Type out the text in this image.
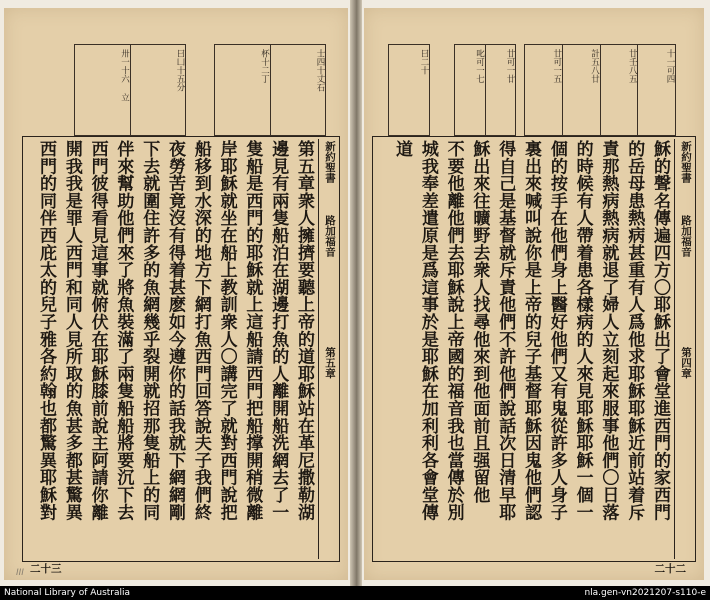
士四十丈石
杯十二丁
曰凵十五分
卅一十六 立
新約聖書
路加福音
第五章

第五章衆人擁擠要聽上帝的道耶穌站在革尼撒勒湖

邊見有兩隻船泊在湖邊打魚的人離開船洗網去了一

隻船是西門的耶穌就上這船請西門把船撑開稍微離

岸耶穌就坐在船上教訓衆人〇講完了就對西門說把

船移到水深的地方下網打魚西門回答說夫子我們終

夜勞苦竟沒有得着甚麽如今遵你的話我就下網網剛

下去就圍住許多的魚網幾乎裂開就招那隻船上的同

伴來幫助他們來了將魚裝滿了兩隻船船將要沉下去

西門彼得看見這事就俯伏在耶穌膝前說主阿請你離

開我我是罪人西門和同人見所取的魚甚多都甚驚異

西門的同伴西庇太的兒子雅各約翰也都驚異耶穌對

二十三
III
曰二十	廿可一廿
叱可一七	十一可四
廿壬八五
計五八廿
廿可一五
新約聖書
路加福音
第四章

穌的聲名傳遍四方〇耶穌出了會堂進西門的家西門

的岳母患熱病甚重有人爲他求耶穌耶穌近前站着斥

責那熱病熱病就退了婦人立刻起來服事他們〇日落

的時候有人帶着患各樣病的人來見耶穌耶穌一個一

個的按手在他們身上醫好他們又有鬼從許多人身子

裏出來喊叫說你是上帝的兒子基督耶穌因鬼他們認

得自己是基督就斥責他們不許他們說話次日清早耶

穌出來往曠野去衆人找尋他來到他面前且强留他

不要他離他們去耶穌說上帝國的福音我也當傳於別

城我奉差遣原是爲這事於是耶穌在加利利各會堂傳

道

二十二
National Library of Australia	nla.gen-vn2021207-s110-e
